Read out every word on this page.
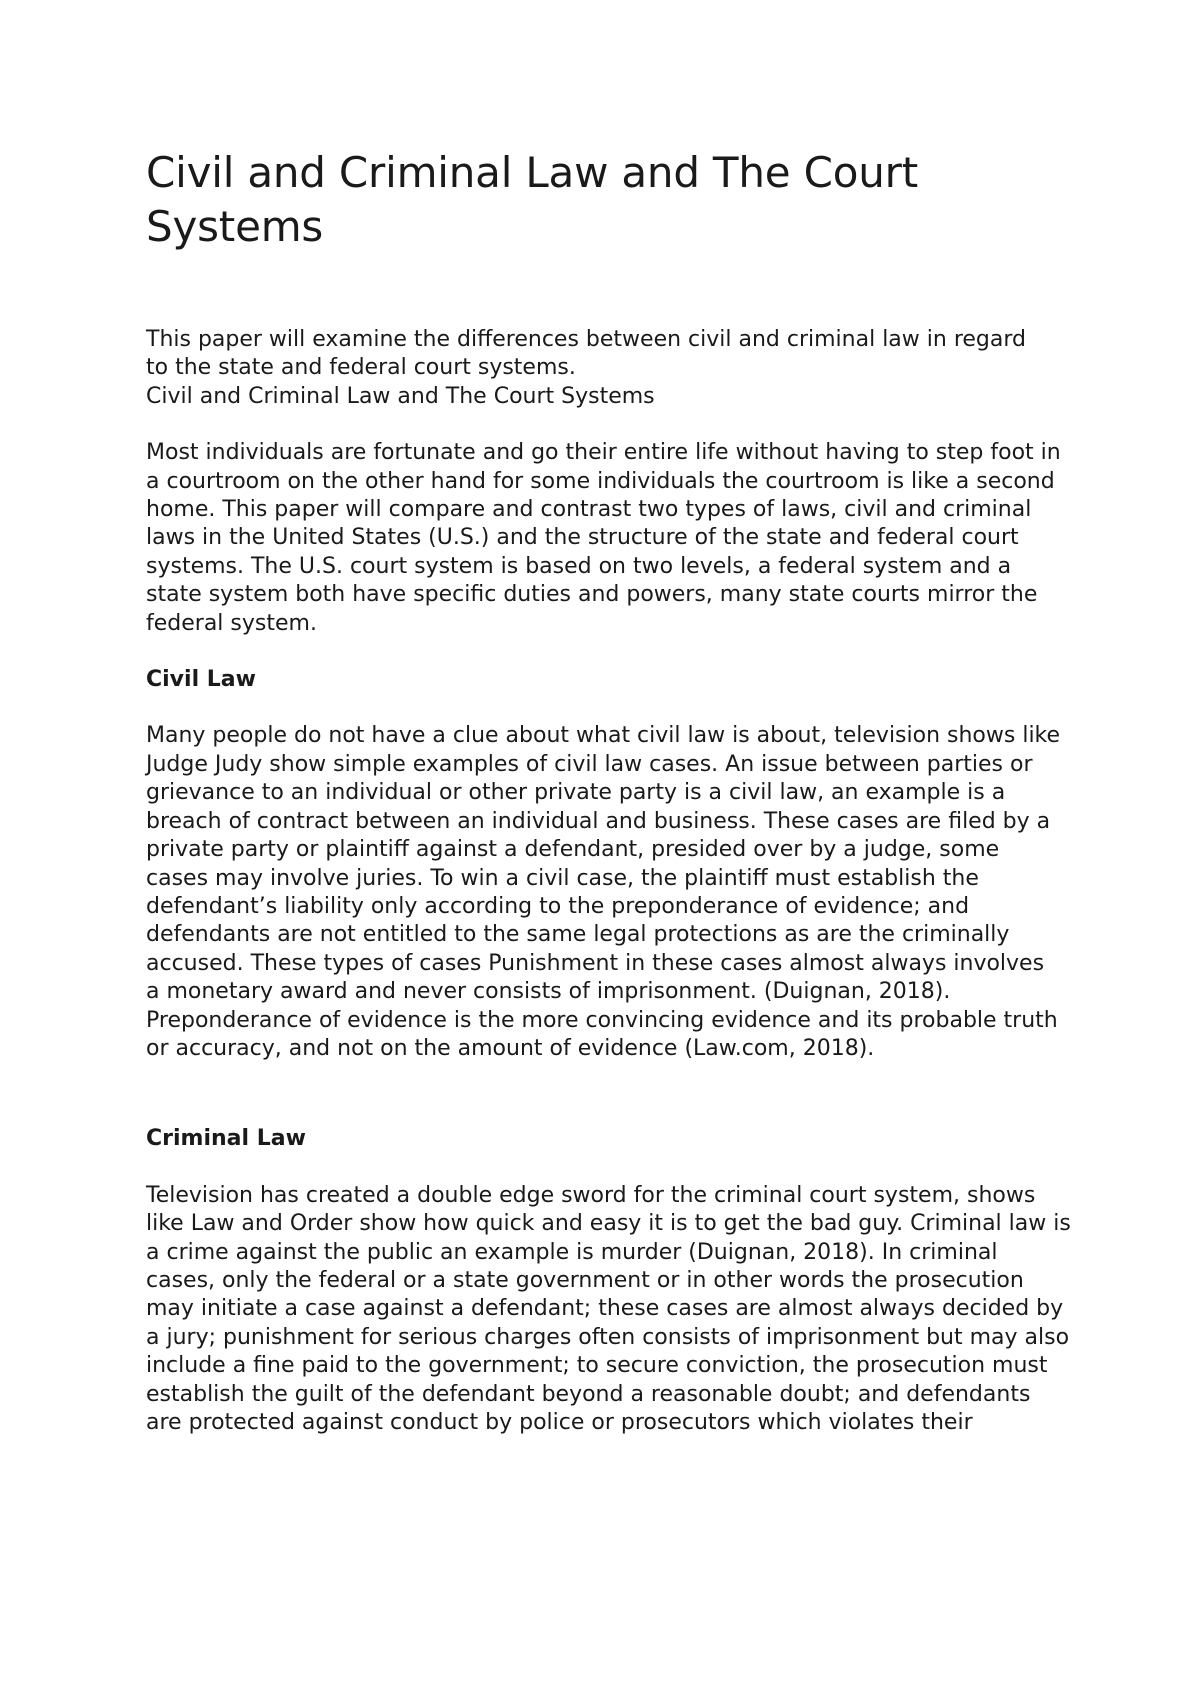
Civil and Criminal Law and The Court Systems

This paper will examine the differences between civil and criminal law in regard to the state and federal court systems.

Civil and Criminal Law and The Court Systems

Most individuals are fortunate and go their entire life without having to step foot in a courtroom on the other hand for some individuals the courtroom is like a second home. This paper will compare and contrast two types of laws, civil and criminal laws in the United States (U.S.) and the structure of the state and federal court systems. The U.S. court system is based on two levels, a federal system and a state system both have specific duties and powers, many state courts mirror the federal system.

Civil Law

Many people do not have a clue about what civil law is about, television shows like Judge Judy show simple examples of civil law cases. An issue between parties or grievance to an individual or other private party is a civil law, an example is a breach of contract between an individual and business. These cases are filed by a private party or plaintiff against a defendant, presided over by a judge, some cases may involve juries. To win a civil case, the plaintiff must establish the defendant’s liability only according to the preponderance of evidence; and defendants are not entitled to the same legal protections as are the criminally accused. These types of cases Punishment in these cases almost always involves a monetary award and never consists of imprisonment. (Duignan, 2018). Preponderance of evidence is the more convincing evidence and its probable truth or accuracy, and not on the amount of evidence (Law.com, 2018).

Criminal Law

Television has created a double edge sword for the criminal court system, shows like Law and Order show how quick and easy it is to get the bad guy. Criminal law is a crime against the public an example is murder (Duignan, 2018). In criminal cases, only the federal or a state government or in other words the prosecution may initiate a case against a defendant; these cases are almost always decided by a jury; punishment for serious charges often consists of imprisonment but may also include a fine paid to the government; to secure conviction, the prosecution must establish the guilt of the defendant beyond a reasonable doubt; and defendants are protected against conduct by police or prosecutors which violates their
